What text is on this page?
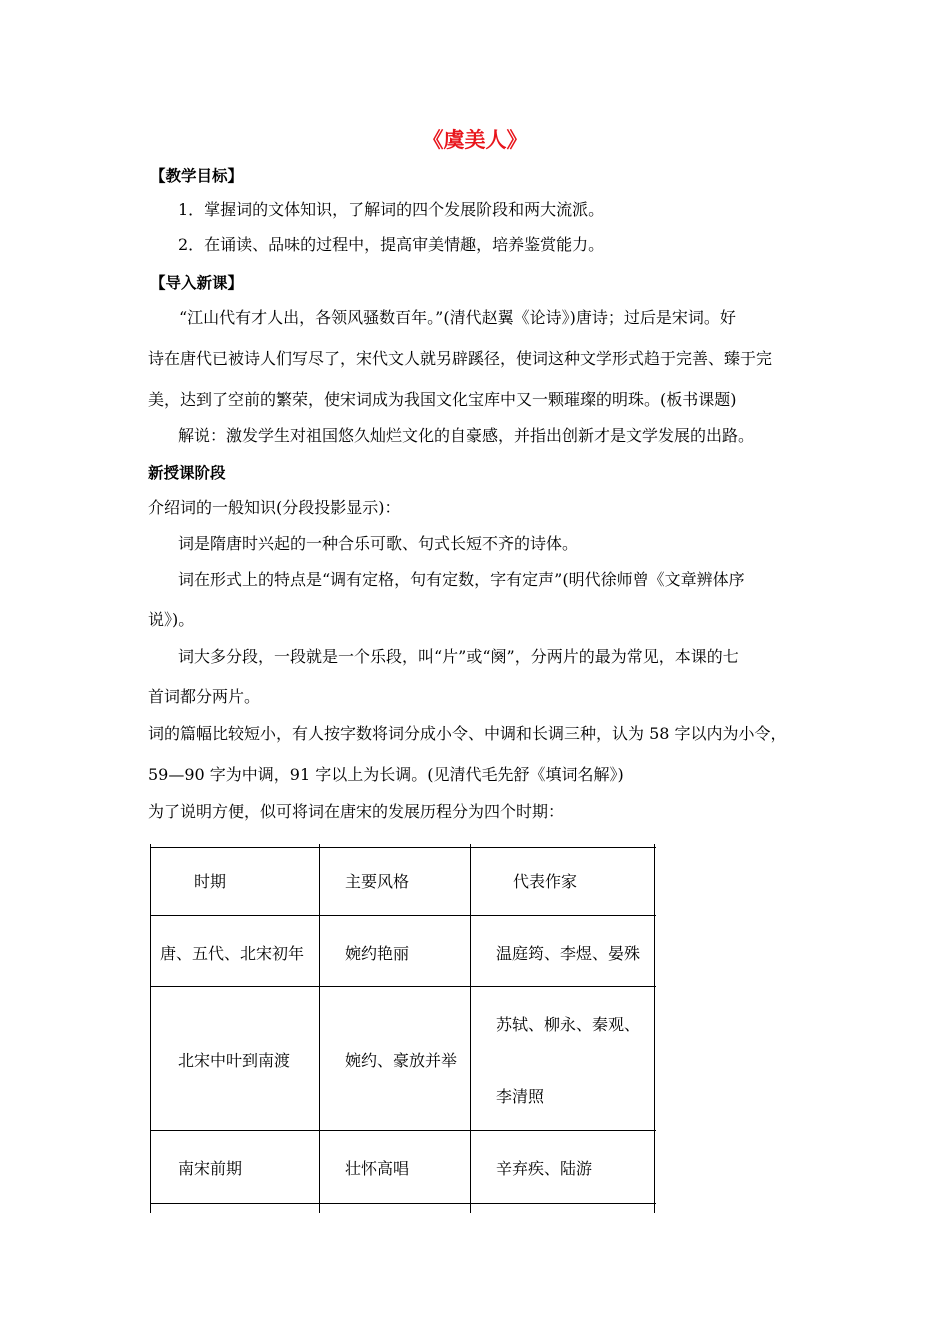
《虞美人》
【教学目标】
1．掌握词的文体知识，了解词的四个发展阶段和两大流派。
2．在诵读、品味的过程中，提高审美情趣，培养鉴赏能力。
【导入新课】
“江山代有才人出，各领风骚数百年。”(清代赵翼《论诗》)唐诗；过后是宋词。好
诗在唐代已被诗人们写尽了，宋代文人就另辟蹊径，使词这种文学形式趋于完善、臻于完
美，达到了空前的繁荣，使宋词成为我国文化宝库中又一颗璀璨的明珠。(板书课题)
解说：激发学生对祖国悠久灿烂文化的自豪感，并指出创新才是文学发展的出路。
新授课阶段
介绍词的一般知识(分段投影显示)：
词是隋唐时兴起的一种合乐可歌、句式长短不齐的诗体。
词在形式上的特点是“调有定格，句有定数，字有定声”(明代徐师曾《文章辨体序
说》)。
词大多分段，一段就是一个乐段，叫“片”或“阕”，分两片的最为常见，本课的七
首词都分两片。
词的篇幅比较短小，有人按字数将词分成小令、中调和长调三种，认为 58 字以内为小令，
59—90 字为中调，91 字以上为长调。(见清代毛先舒《填词名解》)
为了说明方便，似可将词在唐宋的发展历程分为四个时期：
时期	主要风格	代表作家
唐、五代、北宋初年	婉约艳丽	温庭筠、李煜、晏殊
北宋中叶到南渡	婉约、豪放并举
苏轼、柳永、秦观、
李清照
南宋前期	壮怀高唱	辛弃疾、陆游
